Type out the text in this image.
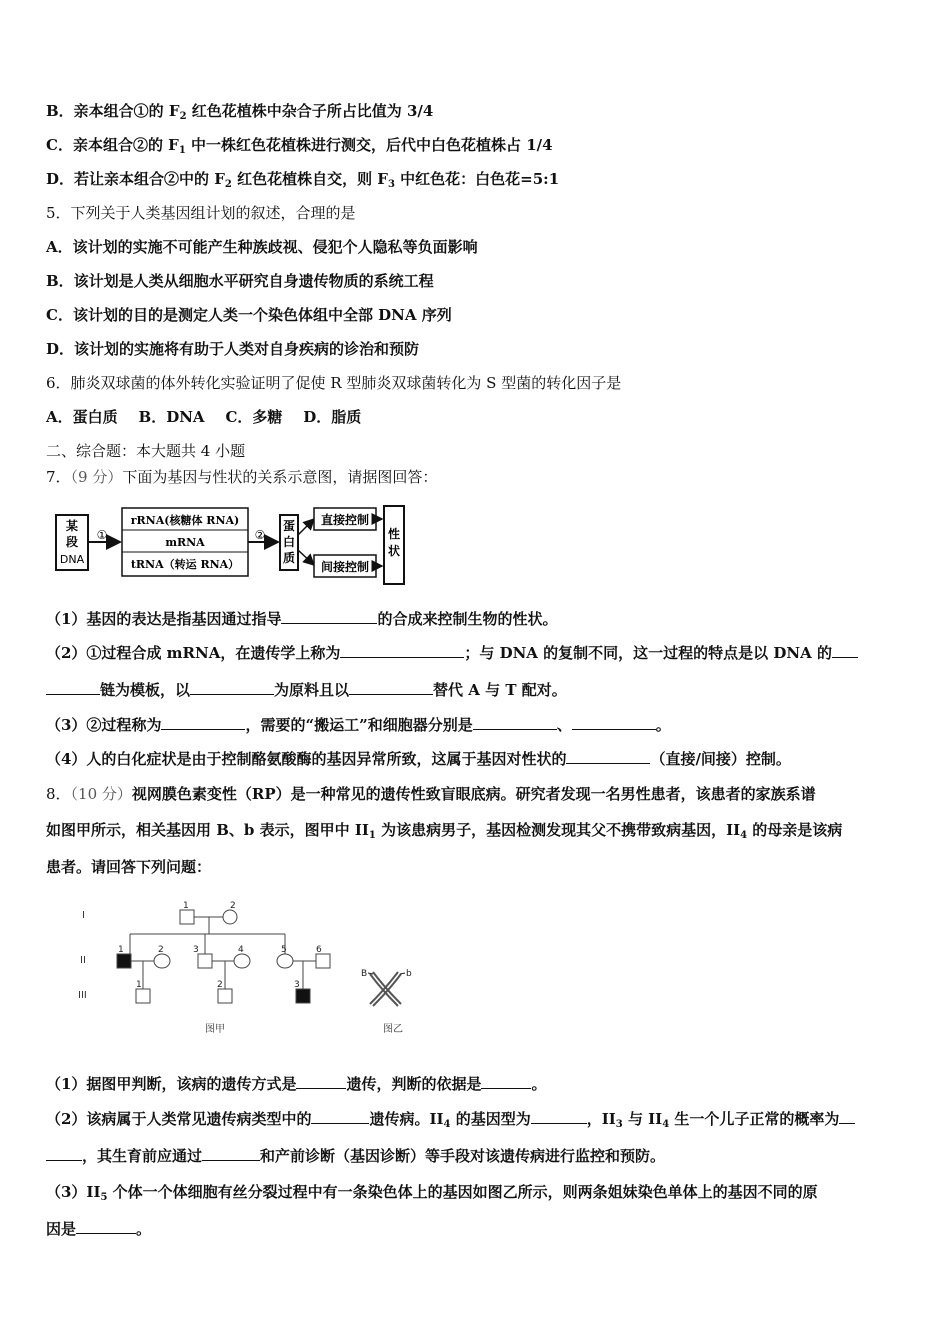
B．亲本组合①的 $F_2$ 红色花植株中杂合子所占比值为 3/4
C．亲本组合②的 $F_1$ 中一株红色花植株进行测交，后代中白色花植株占 1/4
D．若让亲本组合②中的 $F_2$ 红色花植株自交，则 $F_3$ 中红色花：白色花=5:1
5．下列关于人类基因组计划的叙述，合理的是
A．该计划的实施不可能产生种族歧视、侵犯个人隐私等负面影响
B．该计划是人类从细胞水平研究自身遗传物质的系统工程
C．该计划的目的是测定人类一个染色体组中全部 DNA 序列
D．该计划的实施将有助于人类对自身疾病的诊治和预防
6．肺炎双球菌的体外转化实验证明了促使 R 型肺炎双球菌转化为 S 型菌的转化因子是
A．蛋白质    B．DNA    C．多糖    D．脂质
二、综合题：本大题共 4 小题
7．（9 分）下面为基因与性状的关系示意图，请据图回答：
某
段
DNA
①
rRNA(核糖体 RNA)
mRNA
tRNA（转运 RNA）
②
蛋
白
质
直接控制
间接控制
性
状
（1）基因的表达是指基因通过指导	的合成来控制生物的性状。
（2）①过程合成 mRNA，在遗传学上称为	；与 DNA 的复制不同，这一过程的特点是以 DNA 的
链为模板，以	为原料且以	替代 A 与 T 配对。
（3）②过程称为	，需要的“搬运工”和细胞器分别是	、	。
（4）人的白化症状是由于控制酪氨酸酶的基因异常所致，这属于基因对性状的	（直接/间接）控制。
8．（10 分）视网膜色素变性（RP）是一种常见的遗传性致盲眼底病。研究者发现一名男性患者，该患者的家族系谱
如图甲所示，相关基因用 B、b 表示，图甲中 $II_1$ 为该患病男子，基因检测发现其父不携带致病基因，$II_4$ 的母亲是该病
患者。请回答下列问题：
I
II
III
1	2
1	2	3	4	5	6
1	2	3
B	b
图甲	图乙
（1）据图甲判断，该病的遗传方式是	遗传，判断的依据是	。
（2）该病属于人类常见遗传病类型中的	遗传病。$II_4$ 的基因型为	，$II_3$ 与 $II_4$ 生一个儿子正常的概率为
，其生育前应通过	和产前诊断（基因诊断）等手段对该遗传病进行监控和预防。
$(3)II_5$ 个体一个体细胞有丝分裂过程中有一条染色体上的基因如图乙所示，则两条姐妹染色单体上的基因不同的原
因是	。
